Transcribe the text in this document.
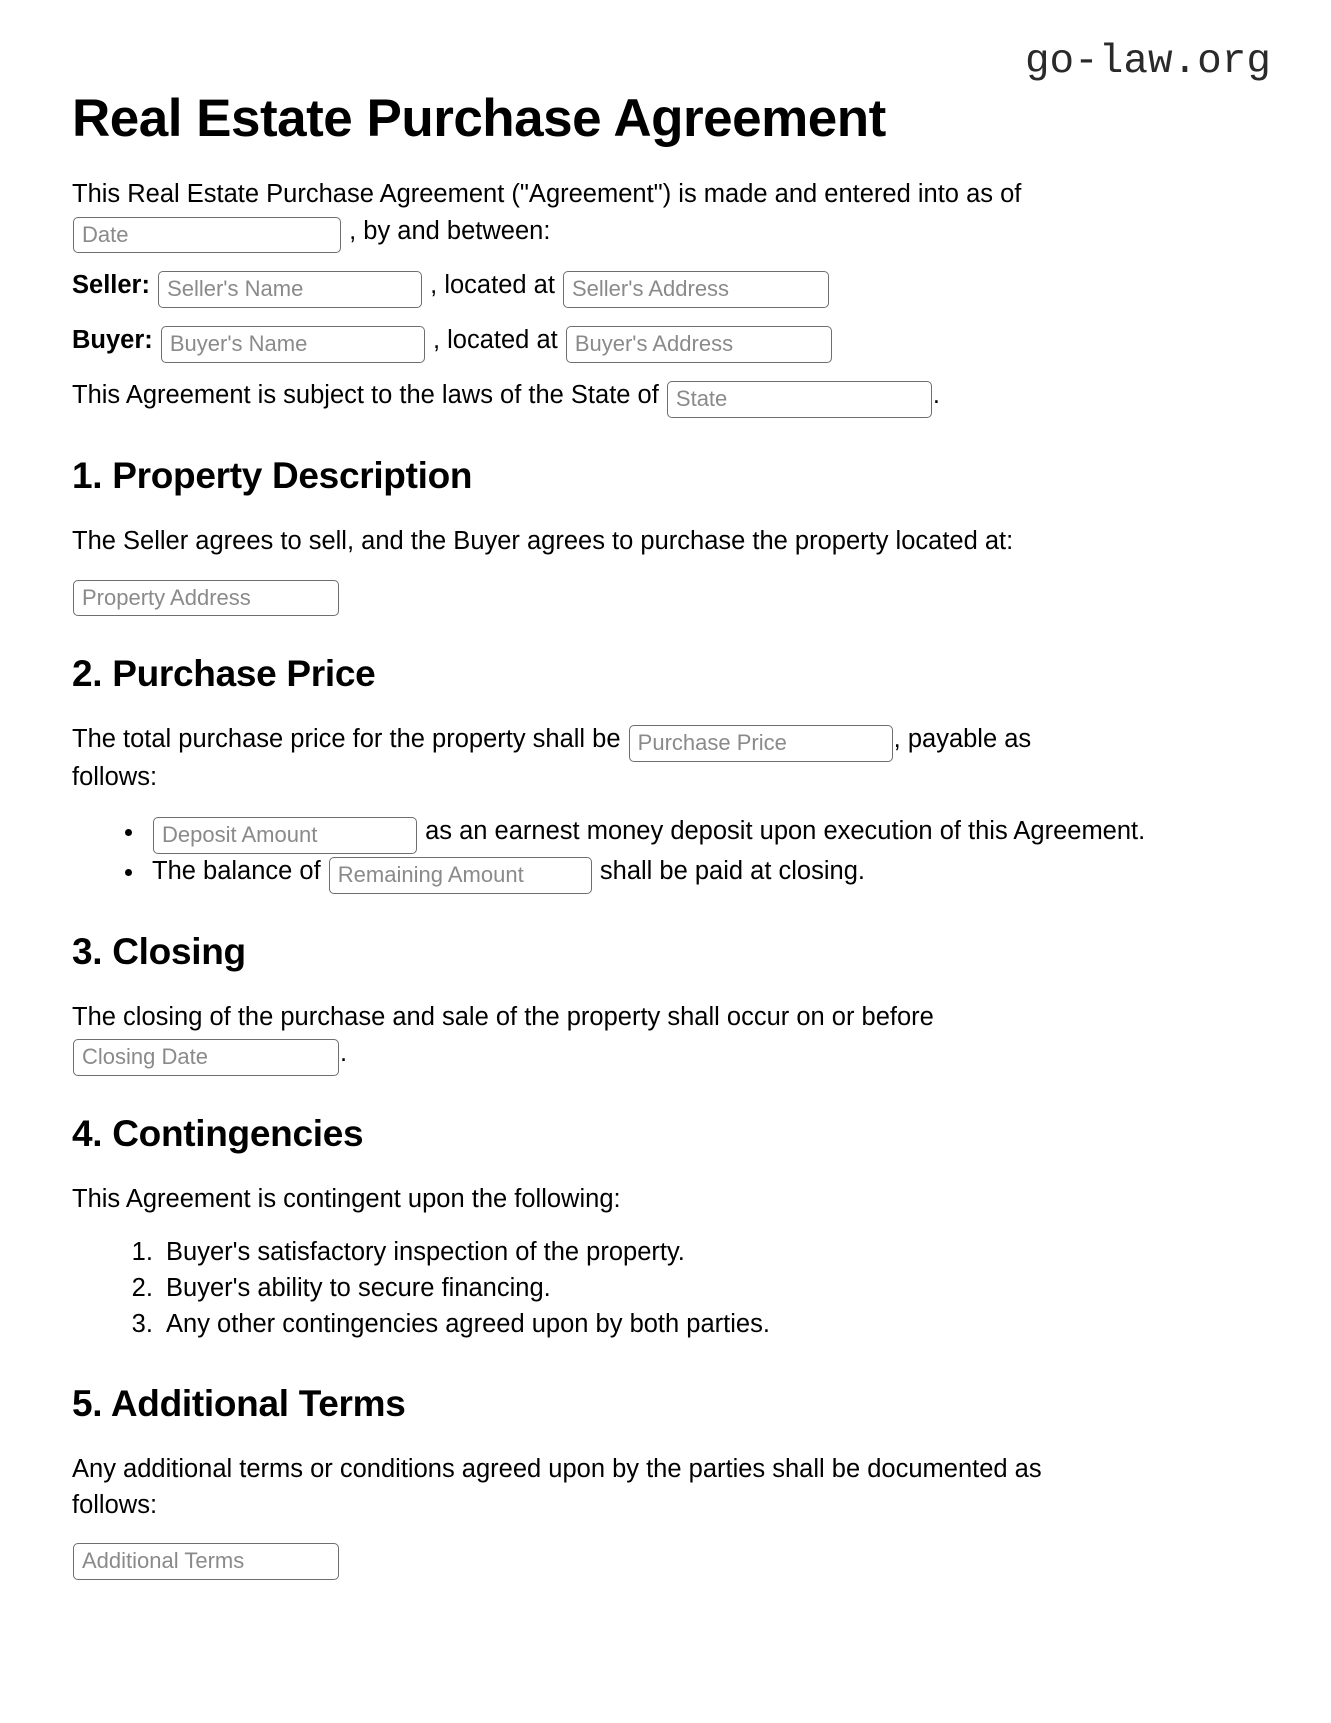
go-law.org
Real Estate Purchase Agreement

This Real Estate Purchase Agreement ("Agreement") is made and entered into as of Date , by and between:

Seller: Seller's Name	, located at Seller's Address

Buyer: Buyer's Name	, located at Buyer's Address

This Agreement is subject to the laws of the State of State	.

1. Property Description

The Seller agrees to sell, and the Buyer agrees to purchase the property located at:

Property Address
2. Purchase Price

The total purchase price for the property shall be Purchase Price	, payable as follows:

Deposit Amount • as an earnest money deposit upon execution of this Agreement.
• The balance of Remaining Amount	shall be paid at closing.
3. Closing

The closing of the purchase and sale of the property shall occur on or before
Closing Date.

4. Contingencies

This Agreement is contingent upon the following:

1. Buyer's satisfactory inspection of the property.
2. Buyer's ability to secure financing.
3. Any other contingencies agreed upon by both parties.
5. Additional Terms

Any additional terms or conditions agreed upon by the parties shall be documented as follows:

Additional Terms
